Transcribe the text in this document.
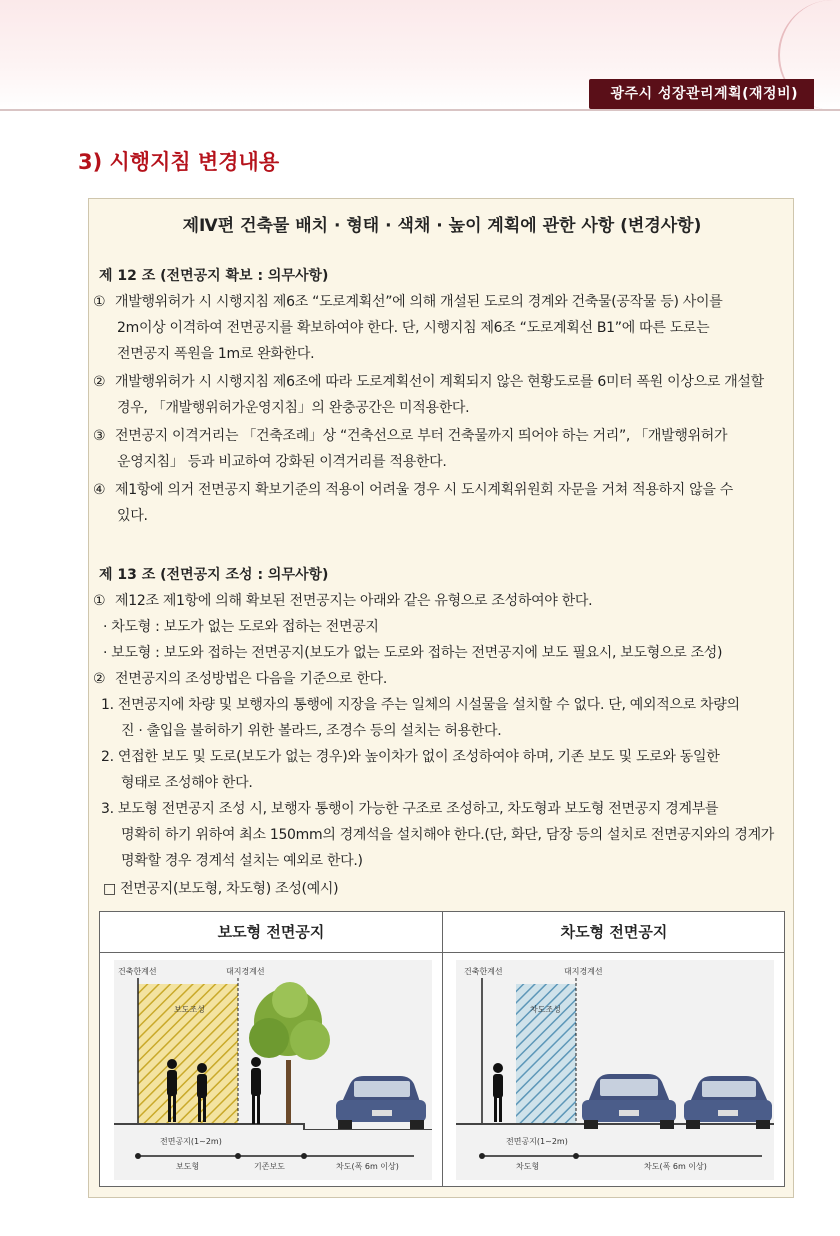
광주시 성장관리계획(재정비)
3) 시행지침 변경내용
제Ⅳ편 건축물 배치 · 형태 · 색채 · 높이 계획에 관한 사항 (변경사항)
제 12 조 (전면공지 확보 : 의무사항)
① 개발행위허가 시 시행지침 제6조 “도로계획선”에 의해 개설된 도로의 경계와 건축물(공작물 등) 사이를
2m이상 이격하여 전면공지를 확보하여야 한다. 단, 시행지침 제6조 “도로계획선 B1”에 따른 도로는
전면공지 폭원을 1m로 완화한다.
② 개발행위허가 시 시행지침 제6조에 따라 도로계획선이 계획되지 않은 현황도로를 6미터 폭원 이상으로 개설할
경우, 「개발행위허가운영지침」의 완충공간은 미적용한다.
③ 전면공지 이격거리는 「건축조례」상 “건축선으로 부터 건축물까지 띄어야 하는 거리”, 「개발행위허가
운영지침」 등과 비교하여 강화된 이격거리를 적용한다.
④ 제1항에 의거 전면공지 확보기준의 적용이 어려울 경우 시 도시계획위원회 자문을 거쳐 적용하지 않을 수
있다.
제 13 조 (전면공지 조성 : 의무사항)
① 제12조 제1항에 의해 확보된 전면공지는 아래와 같은 유형으로 조성하여야 한다.
· 차도형 : 보도가 없는 도로와 접하는 전면공지
· 보도형 : 보도와 접하는 전면공지(보도가 없는 도로와 접하는 전면공지에 보도 필요시, 보도형으로 조성)
② 전면공지의 조성방법은 다음을 기준으로 한다.
1. 전면공지에 차량 및 보행자의 통행에 지장을 주는 일체의 시설물을 설치할 수 없다. 단, 예외적으로 차량의
진 · 출입을 불허하기 위한 볼라드, 조경수 등의 설치는 허용한다.
2. 연접한 보도 및 도로(보도가 없는 경우)와 높이차가 없이 조성하여야 하며, 기존 보도 및 도로와 동일한
형태로 조성해야 한다.
3. 보도형 전면공지 조성 시, 보행자 통행이 가능한 구조로 조성하고, 차도형과 보도형 전면공지 경계부를
명확히 하기 위하여 최소 150mm의 경계석을 설치해야 한다.(단, 화단, 담장 등의 설치로 전면공지와의 경계가
명확할 경우 경계석 설치는 예외로 한다.)
□ 전면공지(보도형, 차도형) 조성(예시)
보도형 전면공지	차도형 전면공지
건축한계선	대지경계선
보도조성
전면공지(1~2m)
보도형	기존보도	차도(폭 6m 이상)
건축한계선	대지경계선
차도조성
전면공지(1~2m)
차도형	차도(폭 6m 이상)
